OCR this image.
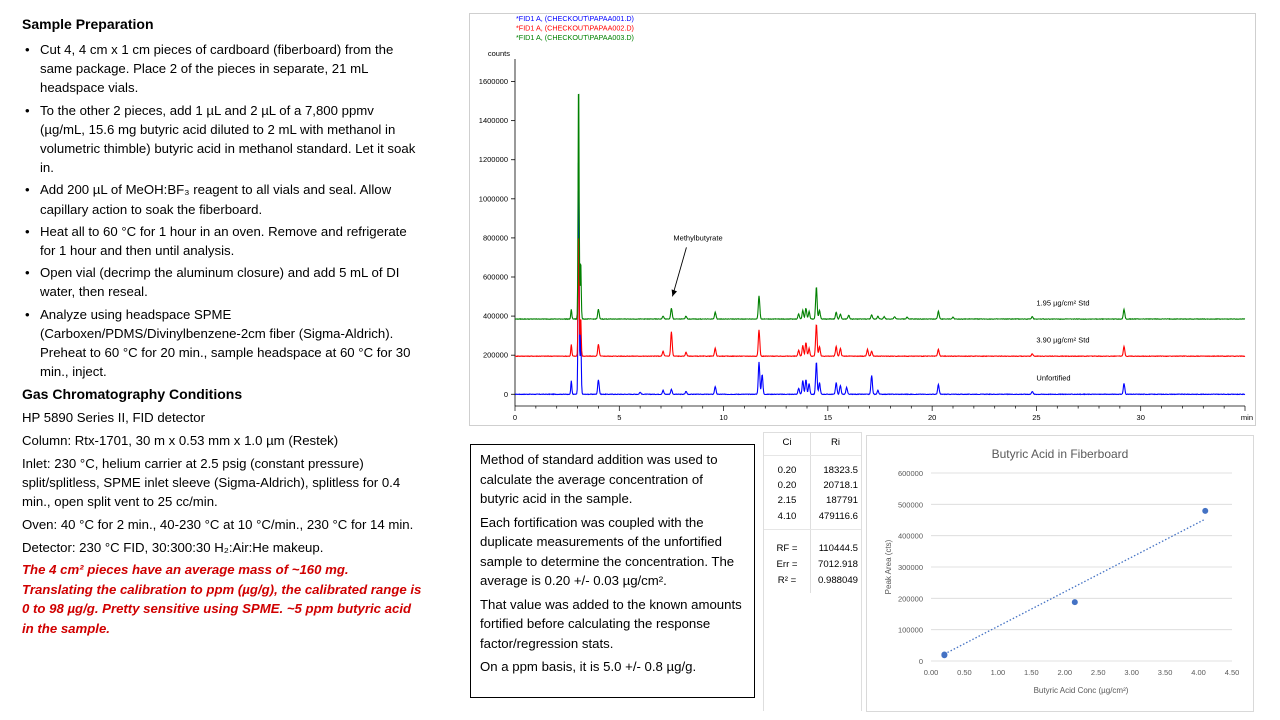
Sample Preparation
• Cut 4, 4 cm x 1 cm pieces of cardboard (fiberboard) from the same package. Place 2 of the pieces in separate, 21 mL headspace vials.
• To the other 2 pieces, add 1 µL and 2 µL of a 7,800 ppmv (µg/mL, 15.6 mg butyric acid diluted to 2 mL with methanol in volumetric thimble) butyric acid in methanol standard. Let it soak in.
• Add 200 µL of MeOH:BF₃ reagent to all vials and seal. Allow capillary action to soak the fiberboard.
• Heat all to 60 °C for 1 hour in an oven. Remove and refrigerate for 1 hour and then until analysis.
• Open vial (decrimp the aluminum closure) and add 5 mL of DI water, then reseal.
• Analyze using headspace SPME (Carboxen/PDMS/Divinylbenzene-2cm fiber (Sigma-Aldrich). Preheat to 60 °C for 20 min., sample headspace at 60 °C for 30 min., inject.
Gas Chromatography Conditions

HP 5890 Series II, FID detector

Column: Rtx-1701, 30 m x 0.53 mm x 1.0 µm (Restek)

Inlet: 230 °C, helium carrier at 2.5 psig (constant pressure) split/splitless, SPME inlet sleeve (Sigma-Aldrich), splitless for 0.4 min., open split vent to 25 cc/min.

Oven: 40 °C for 2 min., 40-230 °C at 10 °C/min., 230 °C for 14 min.

Detector: 230 °C FID, 30:300:30 H₂:Air:He makeup.

The 4 cm² pieces have an average mass of ~160 mg. Translating the calibration to ppm (µg/g), the calibrated range is 0 to 98 µg/g. Pretty sensitive using SPME. ~5 ppm butyric acid in the sample.

*FID1 A, (CHECKOUT\PAPAA001.D)
*FID1 A, (CHECKOUT\PAPAA002.D)
*FID1 A, (CHECKOUT\PAPAA003.D)
counts
0
200000
400000
600000
800000
1000000
1200000
1400000
1600000
0	5	10	15	20	25	30	min
1.95 µg/cm² Std
3.90 µg/cm² Std
Unfortified
Methylbutyrate

Method of standard addition was used to calculate the average concentration of butyric acid in the sample.

Each fortification was coupled with the duplicate measurements of the unfortified sample to determine the concentration. The average is 0.20 +/- 0.03 µg/cm².

That value was added to the known amounts fortified before calculating the response factor/regression stats.

On a ppm basis, it is 5.0 +/- 0.8 µg/g.

Ci	Ri
0.20	18323.5
0.20	20718.1
2.15	187791
4.10	479116.6
RF =	110444.5
Err =	7012.918
R² =	0.988049
Butyric Acid in Fiberboard
0
100000
200000
300000
400000
500000
600000
0.00	0.50	1.00	1.50	2.00	2.50	3.00	3.50	4.00	4.50
Butyric Acid Conc (µg/cm²)
Peak Area (cts)
